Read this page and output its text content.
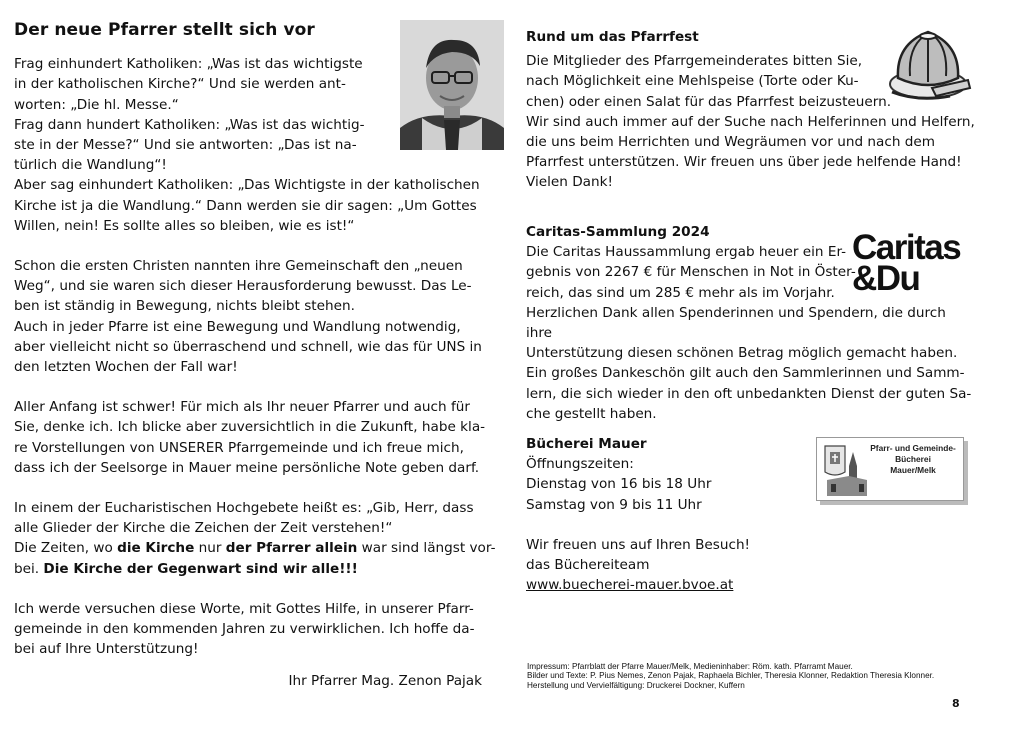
Der neue Pfarrer stellt sich vor
Frag einhundert Katholiken: „Was ist das wichtigste
in der katholischen Kirche?“ Und sie werden ant-
worten: „Die hl. Messe.“
Frag dann hundert Katholiken: „Was ist das wichtig-
ste in der Messe?“ Und sie antworten: „Das ist na-
türlich die Wandlung“!
Aber sag einhundert Katholiken: „Das Wichtigste in der katholischen
Kirche ist ja die Wandlung.“ Dann werden sie dir sagen: „Um Gottes
Willen, nein! Es sollte alles so bleiben, wie es ist!“
Schon die ersten Christen nannten ihre Gemeinschaft den „neuen
Weg“, und sie waren sich dieser Herausforderung bewusst. Das Le-
ben ist ständig in Bewegung, nichts bleibt stehen.
Auch in jeder Pfarre ist eine Bewegung und Wandlung notwendig,
aber vielleicht nicht so überraschend und schnell, wie das für UNS in
den letzten Wochen der Fall war!
Aller Anfang ist schwer! Für mich als Ihr neuer Pfarrer und auch für
Sie, denke ich. Ich blicke aber zuversichtlich in die Zukunft, habe kla-
re Vorstellungen von UNSERER Pfarrgemeinde und ich freue mich,
dass ich der Seelsorge in Mauer meine persönliche Note geben darf.
In einem der Eucharistischen Hochgebete heißt es: „Gib, Herr, dass
alle Glieder der Kirche die Zeichen der Zeit verstehen!“
Die Zeiten, wo die Kirche nur der Pfarrer allein war sind längst vor-
bei. Die Kirche der Gegenwart sind wir alle!!!
Ich werde versuchen diese Worte, mit Gottes Hilfe, in unserer Pfarr-
gemeinde in den kommenden Jahren zu verwirklichen. Ich hoffe da-
bei auf Ihre Unterstützung!
Ihr Pfarrer Mag. Zenon Pajak
Rund um das Pfarrfest
Die Mitglieder des Pfarrgemeinderates bitten Sie,
nach Möglichkeit eine Mehlspeise (Torte oder Ku-
chen) oder einen Salat für das Pfarrfest beizusteuern.
Wir sind auch immer auf der Suche nach Helferinnen und Helfern,
die uns beim Herrichten und Wegräumen vor und nach dem
Pfarrfest unterstützen. Wir freuen uns über jede helfende Hand!
Vielen Dank!
Caritas-Sammlung 2024
Die Caritas Haussammlung ergab heuer ein Er-
gebnis von 2267 € für Menschen in Not in Öster-
reich, das sind um 285 € mehr als im Vorjahr.
Herzlichen Dank allen Spenderinnen und Spendern, die durch ihre
Unterstützung diesen schönen Betrag möglich gemacht haben.
Ein großes Dankeschön gilt auch den Sammlerinnen und Samm-
lern, die sich wieder in den oft unbedankten Dienst der guten Sa-
che gestellt haben.
Caritas
&Du
Bücherei Mauer
Öffnungszeiten:
Dienstag von 16 bis 18 Uhr
Samstag von 9 bis 11 Uhr
Wir freuen uns auf Ihren Besuch!
das Büchereiteam
www.buecherei-mauer.bvoe.at
Pfarr- und Gemeinde-
Bücherei
Mauer/Melk
Impressum: Pfarrblatt der Pfarre Mauer/Melk, Medieninhaber: Röm. kath. Pfarramt Mauer.
Bilder und Texte: P. Pius Nemes, Zenon Pajak, Raphaela Bichler, Theresia Klonner, Redaktion Theresia Klonner.
Herstellung und Vervielfältigung: Druckerei Dockner, Kuffern
8
